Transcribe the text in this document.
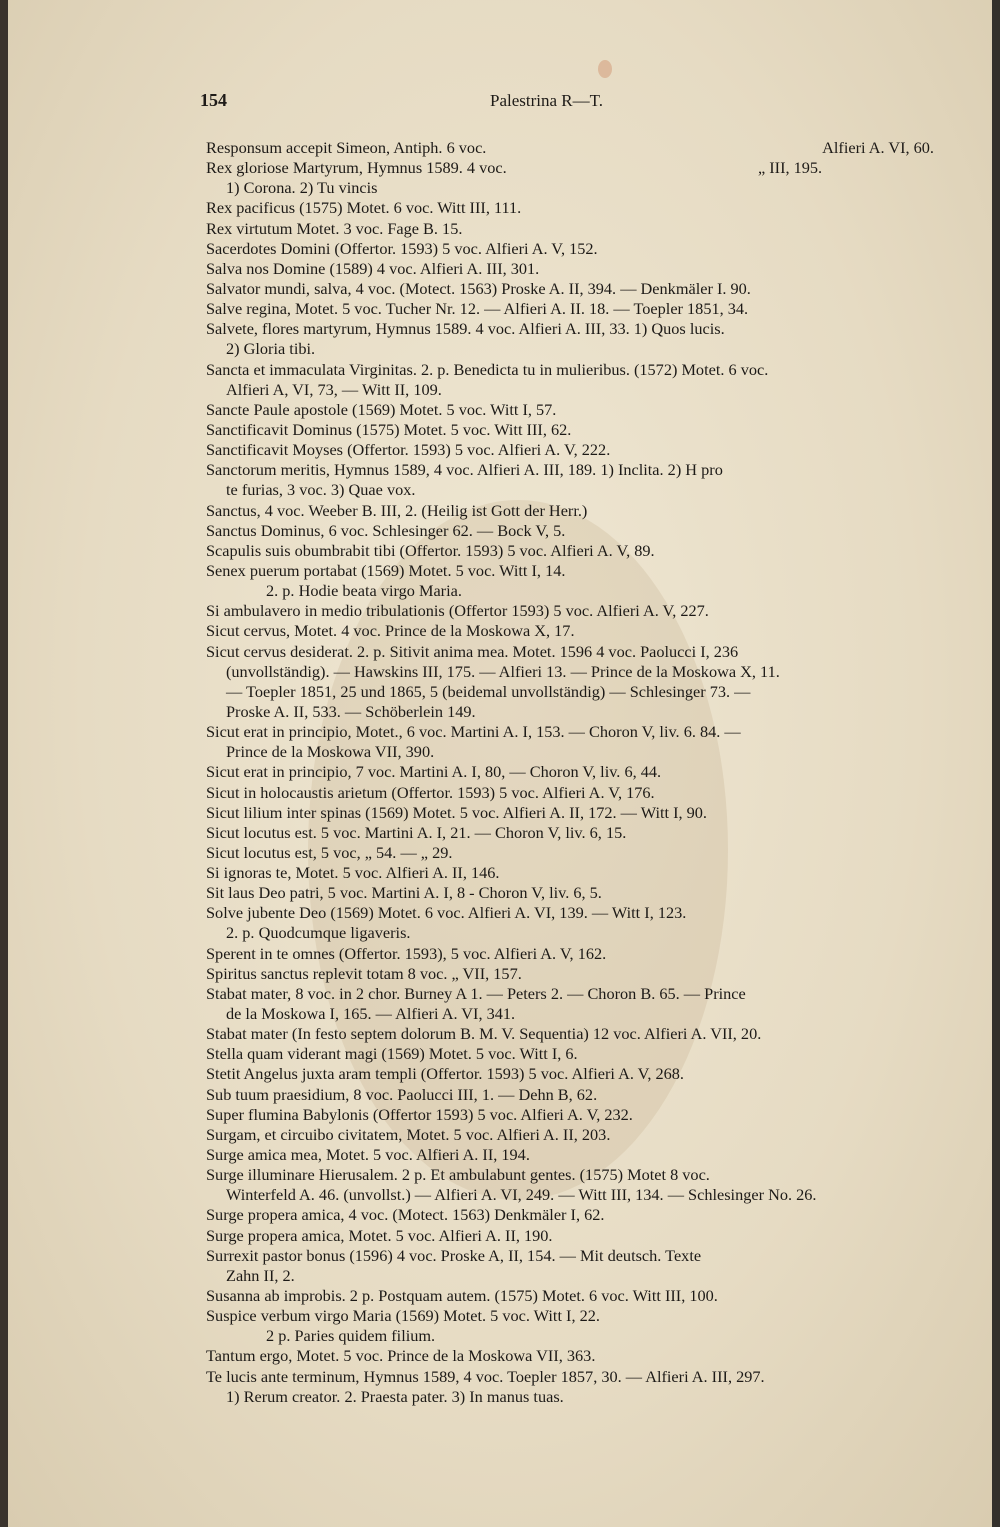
154	Palestrina R—T.
Alfieri A. VI, 60.
Responsum accepit Simeon, Antiph. 6 voc.
„ III, 195.
Rex gloriose Martyrum, Hymnus 1589. 4 voc.
1) Corona. 2) Tu vincis
Rex pacificus (1575) Motet. 6 voc. Witt III, 111.
Rex virtutum Motet. 3 voc. Fage B. 15.
Sacerdotes Domini (Offertor. 1593) 5 voc. Alfieri A. V, 152.
Salva nos Domine (1589) 4 voc. Alfieri A. III, 301.
Salvator mundi, salva, 4 voc. (Motect. 1563) Proske A. II, 394. — Denkmäler I. 90.
Salve regina, Motet. 5 voc. Tucher Nr. 12. — Alfieri A. II. 18. — Toepler 1851, 34.
Salvete, flores martyrum, Hymnus 1589. 4 voc. Alfieri A. III, 33. 1) Quos lucis.
2) Gloria tibi.
Sancta et immaculata Virginitas. 2. p. Benedicta tu in mulieribus. (1572) Motet. 6 voc.
Alfieri A, VI, 73, — Witt II, 109.
Sancte Paule apostole (1569) Motet. 5 voc. Witt I, 57.
Sanctificavit Dominus (1575) Motet. 5 voc. Witt III, 62.
Sanctificavit Moyses (Offertor. 1593) 5 voc. Alfieri A. V, 222.
Sanctorum meritis, Hymnus 1589, 4 voc. Alfieri A. III, 189. 1) Inclita. 2) H pro
te furias, 3 voc. 3) Quae vox.
Sanctus, 4 voc. Weeber B. III, 2. (Heilig ist Gott der Herr.)
Sanctus Dominus, 6 voc. Schlesinger 62. — Bock V, 5.
Scapulis suis obumbrabit tibi (Offertor. 1593) 5 voc. Alfieri A. V, 89.
Senex puerum portabat (1569) Motet. 5 voc. Witt I, 14.
2. p. Hodie beata virgo Maria.
Si ambulavero in medio tribulationis (Offertor 1593) 5 voc. Alfieri A. V, 227.
Sicut cervus, Motet. 4 voc. Prince de la Moskowa X, 17.
Sicut cervus desiderat. 2. p. Sitivit anima mea. Motet. 1596 4 voc. Paolucci I, 236
(unvollständig). — Hawskins III, 175. — Alfieri 13. — Prince de la Moskowa X, 11.
— Toepler 1851, 25 und 1865, 5 (beidemal unvollständig) — Schlesinger 73. —
Proske A. II, 533. — Schöberlein 149.
Sicut erat in principio, Motet., 6 voc. Martini A. I, 153. — Choron V, liv. 6. 84. —
Prince de la Moskowa VII, 390.
Sicut erat in principio, 7 voc. Martini A. I, 80, — Choron V, liv. 6, 44.
Sicut in holocaustis arietum (Offertor. 1593) 5 voc. Alfieri A. V, 176.
Sicut lilium inter spinas (1569) Motet. 5 voc. Alfieri A. II, 172. — Witt I, 90.
Sicut locutus est. 5 voc. Martini A. I, 21. — Choron V, liv. 6, 15.
Sicut locutus est, 5 voc, „ 54. — „ 29.
Si ignoras te, Motet. 5 voc. Alfieri A. II, 146.
Sit laus Deo patri, 5 voc. Martini A. I, 8 - Choron V, liv. 6, 5.
Solve jubente Deo (1569) Motet. 6 voc. Alfieri A. VI, 139. — Witt I, 123.
2. p. Quodcumque ligaveris.
Sperent in te omnes (Offertor. 1593), 5 voc. Alfieri A. V, 162.
Spiritus sanctus replevit totam 8 voc. „ VII, 157.
Stabat mater, 8 voc. in 2 chor. Burney A 1. — Peters 2. — Choron B. 65. — Prince
de la Moskowa I, 165. — Alfieri A. VI, 341.
Stabat mater (In festo septem dolorum B. M. V. Sequentia) 12 voc. Alfieri A. VII, 20.
Stella quam viderant magi (1569) Motet. 5 voc. Witt I, 6.
Stetit Angelus juxta aram templi (Offertor. 1593) 5 voc. Alfieri A. V, 268.
Sub tuum praesidium, 8 voc. Paolucci III, 1. — Dehn B, 62.
Super flumina Babylonis (Offertor 1593) 5 voc. Alfieri A. V, 232.
Surgam, et circuibo civitatem, Motet. 5 voc. Alfieri A. II, 203.
Surge amica mea, Motet. 5 voc. Alfieri A. II, 194.
Surge illuminare Hierusalem. 2 p. Et ambulabunt gentes. (1575) Motet 8 voc.
Winterfeld A. 46. (unvollst.) — Alfieri A. VI, 249. — Witt III, 134. — Schlesinger No. 26.
Surge propera amica, 4 voc. (Motect. 1563) Denkmäler I, 62.
Surge propera amica, Motet. 5 voc. Alfieri A. II, 190.
Surrexit pastor bonus (1596) 4 voc. Proske A, II, 154. — Mit deutsch. Texte
Zahn II, 2.
Susanna ab improbis. 2 p. Postquam autem. (1575) Motet. 6 voc. Witt III, 100.
Suspice verbum virgo Maria (1569) Motet. 5 voc. Witt I, 22.
2 p. Paries quidem filium.
Tantum ergo, Motet. 5 voc. Prince de la Moskowa VII, 363.
Te lucis ante terminum, Hymnus 1589, 4 voc. Toepler 1857, 30. — Alfieri A. III, 297.
1) Rerum creator. 2. Praesta pater. 3) In manus tuas.
